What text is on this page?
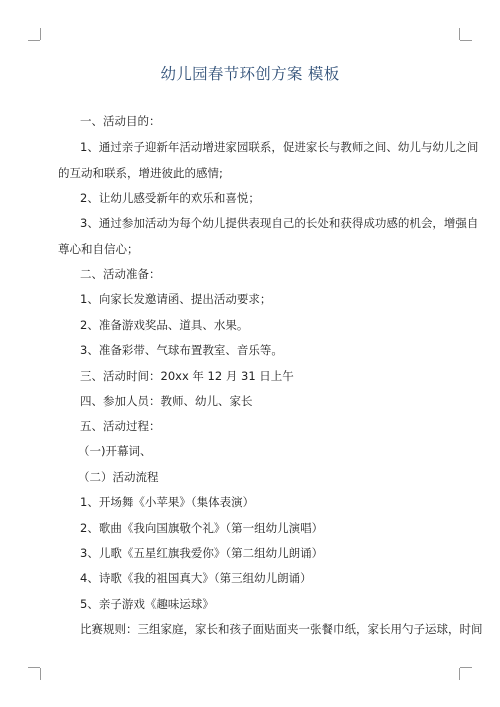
幼儿园春节环创方案 模板
一、活动目的：
1、通过亲子迎新年活动增进家园联系，促进家长与教师之间、幼儿与幼儿之间
的互动和联系，增进彼此的感情;
2、让幼儿感受新年的欢乐和喜悦；
3、通过参加活动为每个幼儿提供表现自己的长处和获得成功感的机会，增强自
尊心和自信心；
二、活动准备：
1、向家长发邀请函、提出活动要求；
2、准备游戏奖品、道具、水果。
3、准备彩带、气球布置教室、音乐等。
三、活动时间：20xx 年 12 月 31 日上午
四、参加人员：教师、幼儿、家长
五、活动过程：
（一)开幕词、
（二）活动流程
1、开场舞《小苹果》（集体表演）
2、歌曲《我向国旗敬个礼》（第一组幼儿演唱）
3、儿歌《五星红旗我爱你》（第二组幼儿朗诵）
4、诗歌《我的祖国真大》（第三组幼儿朗诵）
5、亲子游戏《趣味运球》
比赛规则：三组家庭，家长和孩子面贴面夹一张餐巾纸，家长用勺子运球，时间
